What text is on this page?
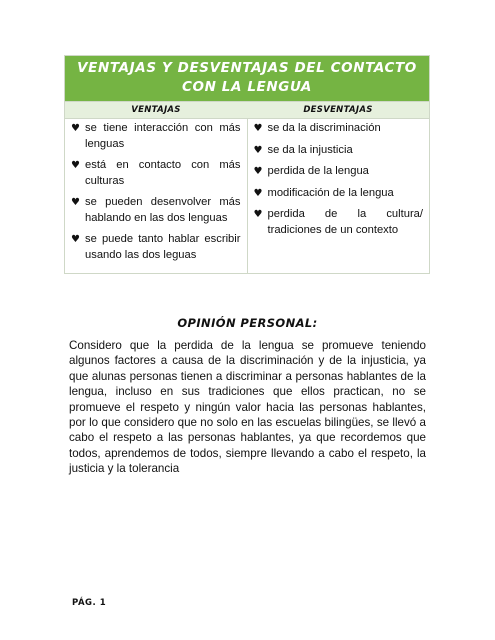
VENTAJAS Y DESVENTAJAS DEL CONTACTO CON LA LENGUA
VENTAJAS	DESVENTAJAS
♥ se tiene interacción con más lenguas
♥ está en contacto con más culturas
♥ se pueden desenvolver más hablando en las dos lenguas
♥ se puede tanto hablar escribir usando las dos leguas
♥ se da la discriminación
♥ se da la injusticia
♥ perdida de la lengua
♥ modificación de la lengua
♥ perdida de la cultura/ tradiciones de un contexto
OPINIÓN PERSONAL:
Considero que la perdida de la lengua se promueve teniendo algunos factores a causa de la discriminación y de la injusticia, ya que alunas personas tienen a discriminar a personas hablantes de la lengua, incluso en sus tradiciones que ellos practican, no se promueve el respeto y ningún valor hacia las personas hablantes, por lo que considero que no solo en las escuelas bilingües, se llevó a cabo el respeto a las personas hablantes, ya que recordemos que todos, aprendemos de todos, siempre llevando a cabo el respeto, la justicia y la tolerancia
PÁG. 1
